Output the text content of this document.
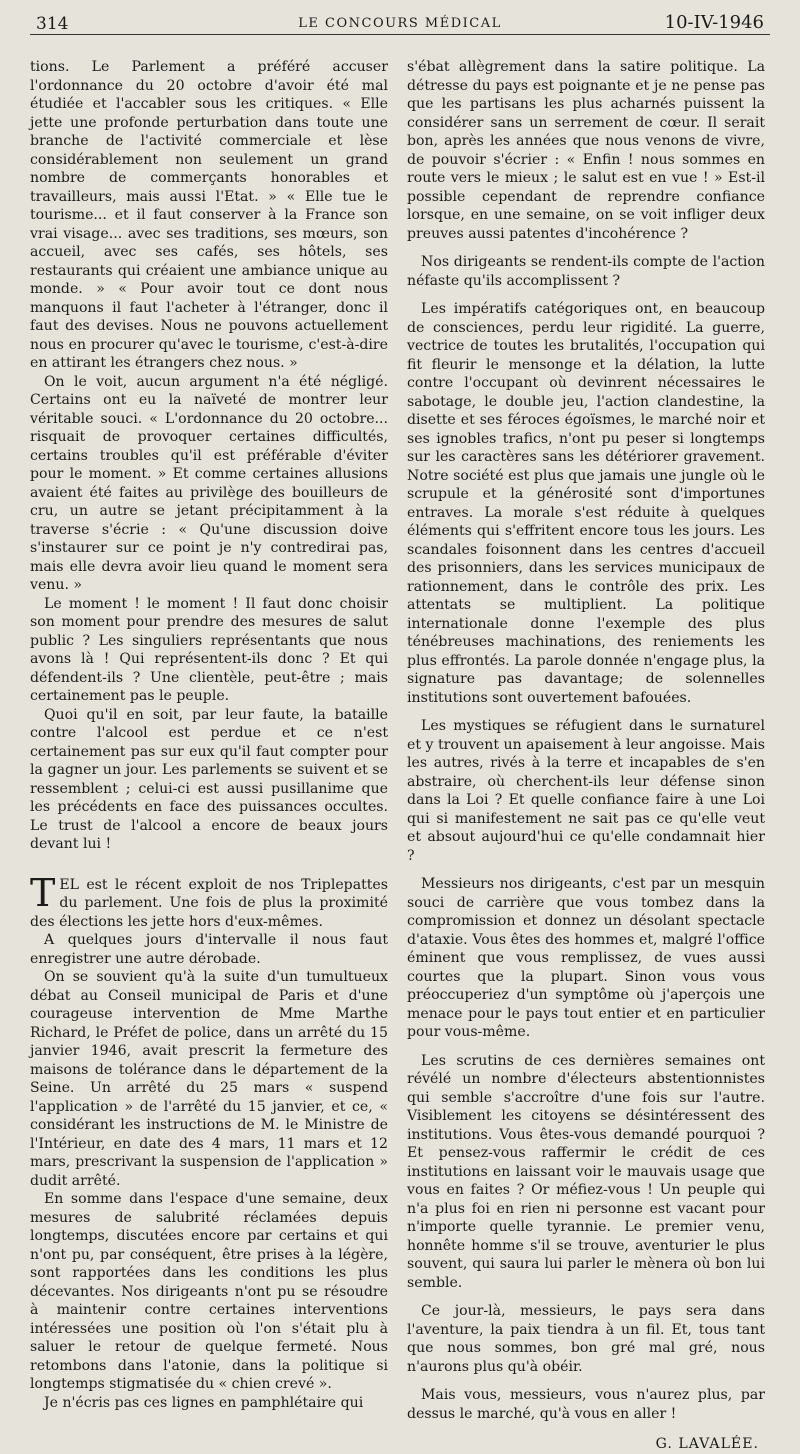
314	LE CONCOURS MÉDICAL	10-IV-1946

tions. Le Parlement a préféré accuser l'ordonnance du 20 octobre d'avoir été mal étudiée et l'accabler sous les critiques. « Elle jette une profonde perturbation dans toute une branche de l'activité commerciale et lèse considérablement non seulement un grand nombre de commerçants honorables et travailleurs, mais aussi l'Etat. » « Elle tue le tourisme... et il faut conserver à la France son vrai visage... avec ses traditions, ses mœurs, son accueil, avec ses cafés, ses hôtels, ses restaurants qui créaient une ambiance unique au monde. » « Pour avoir tout ce dont nous manquons il faut l'acheter à l'étranger, donc il faut des devises. Nous ne pouvons actuellement nous en procurer qu'avec le tourisme, c'est-à-dire en attirant les étrangers chez nous. »

On le voit, aucun argument n'a été négligé. Certains ont eu la naïveté de montrer leur véritable souci. « L'ordonnance du 20 octobre... risquait de provoquer certaines difficultés, certains troubles qu'il est préférable d'éviter pour le moment. » Et comme certaines allusions avaient été faites au privilège des bouilleurs de cru, un autre se jetant précipitamment à la traverse s'écrie : « Qu'une discussion doive s'instaurer sur ce point je n'y contredirai pas, mais elle devra avoir lieu quand le moment sera venu. »

Le moment ! le moment ! Il faut donc choisir son moment pour prendre des mesures de salut public ? Les singuliers représentants que nous avons là ! Qui représentent-ils donc ? Et qui défendent-ils ? Une clientèle, peut-être ; mais certainement pas le peuple.

Quoi qu'il en soit, par leur faute, la bataille contre l'alcool est perdue et ce n'est certainement pas sur eux qu'il faut compter pour la gagner un jour. Les parlements se suivent et se ressemblent ; celui-ci est aussi pusillanime que les précédents en face des puissances occultes. Le trust de l'alcool a encore de beaux jours devant lui !

TEL est le récent exploit de nos Triplepattes du parlement. Une fois de plus la proximité des élections les jette hors d'eux-mêmes.

A quelques jours d'intervalle il nous faut enregistrer une autre dérobade.

On se souvient qu'à la suite d'un tumultueux débat au Conseil municipal de Paris et d'une courageuse intervention de Mme Marthe Richard, le Préfet de police, dans un arrêté du 15 janvier 1946, avait prescrit la fermeture des maisons de tolérance dans le département de la Seine. Un arrêté du 25 mars « suspend l'application » de l'arrêté du 15 janvier, et ce, « considérant les instructions de M. le Ministre de l'Intérieur, en date des 4 mars, 11 mars et 12 mars, prescrivant la suspension de l'application » dudit arrêté.

En somme dans l'espace d'une semaine, deux mesures de salubrité réclamées depuis longtemps, discutées encore par certains et qui n'ont pu, par conséquent, être prises à la légère, sont rapportées dans les conditions les plus décevantes. Nos dirigeants n'ont pu se résoudre à maintenir contre certaines interventions intéressées une position où l'on s'était plu à saluer le retour de quelque fermeté. Nous retombons dans l'atonie, dans la politique si longtemps stigmatisée du « chien crevé ».

Je n'écris pas ces lignes en pamphlétaire qui

s'ébat allègrement dans la satire politique. La détresse du pays est poignante et je ne pense pas que les partisans les plus acharnés puissent la considérer sans un serrement de cœur. Il serait bon, après les années que nous venons de vivre, de pouvoir s'écrier : « Enfin ! nous sommes en route vers le mieux ; le salut est en vue ! » Est-il possible cependant de reprendre confiance lorsque, en une semaine, on se voit infliger deux preuves aussi patentes d'incohérence ?

Nos dirigeants se rendent-ils compte de l'action néfaste qu'ils accomplissent ?

Les impératifs catégoriques ont, en beaucoup de consciences, perdu leur rigidité. La guerre, vectrice de toutes les brutalités, l'occupation qui fit fleurir le mensonge et la délation, la lutte contre l'occupant où devinrent nécessaires le sabotage, le double jeu, l'action clandestine, la disette et ses féroces égoïsmes, le marché noir et ses ignobles trafics, n'ont pu peser si longtemps sur les caractères sans les détériorer gravement. Notre société est plus que jamais une jungle où le scrupule et la générosité sont d'importunes entraves. La morale s'est réduite à quelques éléments qui s'effritent encore tous les jours. Les scandales foisonnent dans les centres d'accueil des prisonniers, dans les services municipaux de rationnement, dans le contrôle des prix. Les attentats se multiplient. La politique internationale donne l'exemple des plus ténébreuses machinations, des reniements les plus effrontés. La parole donnée n'engage plus, la signature pas davantage; de solennelles institutions sont ouvertement bafouées.

Les mystiques se réfugient dans le surnaturel et y trouvent un apaisement à leur angoisse. Mais les autres, rivés à la terre et incapables de s'en abstraire, où cherchent-ils leur défense sinon dans la Loi ? Et quelle confiance faire à une Loi qui si manifestement ne sait pas ce qu'elle veut et absout aujourd'hui ce qu'elle condamnait hier ?

Messieurs nos dirigeants, c'est par un mesquin souci de carrière que vous tombez dans la compromission et donnez un désolant spectacle d'ataxie. Vous êtes des hommes et, malgré l'office éminent que vous remplissez, de vues aussi courtes que la plupart. Sinon vous vous préoccuperiez d'un symptôme où j'aperçois une menace pour le pays tout entier et en particulier pour vous-même.

Les scrutins de ces dernières semaines ont révélé un nombre d'électeurs abstentionnistes qui semble s'accroître d'une fois sur l'autre. Visiblement les citoyens se désintéressent des institutions. Vous êtes-vous demandé pourquoi ? Et pensez-vous raffermir le crédit de ces institutions en laissant voir le mauvais usage que vous en faites ? Or méfiez-vous ! Un peuple qui n'a plus foi en rien ni personne est vacant pour n'importe quelle tyrannie. Le premier venu, honnête homme s'il se trouve, aventurier le plus souvent, qui saura lui parler le mènera où bon lui semble.

Ce jour-là, messieurs, le pays sera dans l'aventure, la paix tiendra à un fil. Et, tous tant que nous sommes, bon gré mal gré, nous n'aurons plus qu'à obéir.

Mais vous, messieurs, vous n'aurez plus, par dessus le marché, qu'à vous en aller !

G. LAVALÉE.
